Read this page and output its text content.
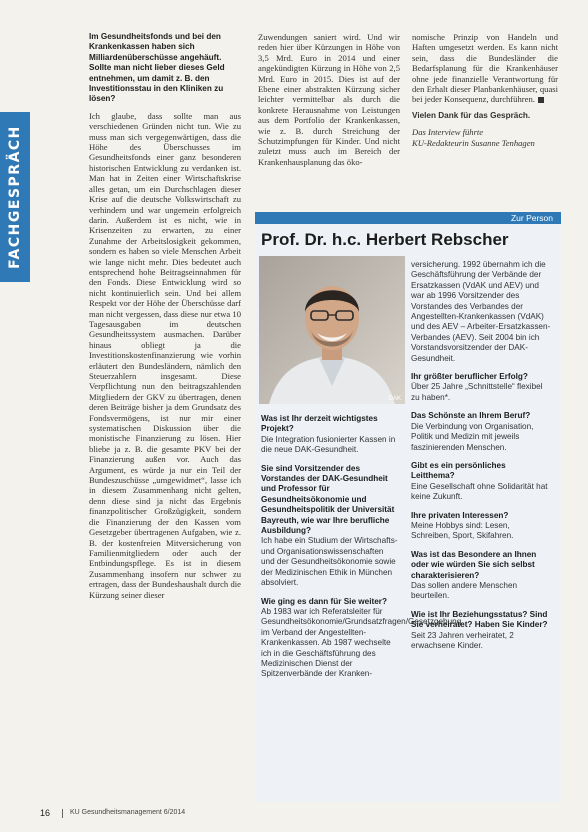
FACHGESPRÄCH

Im Gesundheitsfonds und bei den Krankenkassen haben sich Milliardenüberschüsse angehäuft. Sollte man nicht lieber dieses Geld entnehmen, um damit z. B. den Investitionsstau in den Kliniken zu lösen?

Ich glaube, dass sollte man aus verschiedenen Gründen nicht tun. Wie zu muss man sich vergegenwärtigen, dass die Höhe des Überschusses im Gesundheitsfonds einer ganz besonderen historischen Entwicklung zu verdanken ist. Man hat in Zeiten einer Wirtschaftskrise alles getan, um ein Durchschlagen dieser Krise auf die deutsche Volkswirtschaft zu verhindern und war ungemein erfolgreich darin. Außerdem ist es nicht, wie in Krisenzeiten zu erwarten, zu einer Zunahme der Arbeitslosigkeit gekommen, sondern es haben so viele Menschen Arbeit wie lange nicht mehr. Dies bedeutet auch entsprechend hohe Beitragseinnahmen für den Fonds. Diese Entwicklung wird so nicht kontinuierlich sein. Und bei allem Respekt vor der Höhe der Überschüsse darf man nicht vergessen, dass diese nur etwa 10 Tagesausgaben im deutschen Gesundheitssystem ausmachen. Darüber hinaus obliegt ja die Investitionskostenfinanzierung wie vorhin erläutert den Bundesländern, nämlich den Steuerzahlern insgesamt. Diese Verpflichtung nun den beitragszahlenden Mitgliedern der GKV zu übertragen, denen deren Beiträge bisher ja dem Grundsatz des Fondsvermögens, ist nur mir einer systematischen Diskussion über die monistische Finanzierung zu lösen. Hier bliebe ja z. B. die gesamte PKV bei der Finanzierung außen vor. Auch das Argument, es würde ja nur ein Teil der Bundeszuschüsse „umgewidmet“, lasse ich in diesem Zusammenhang nicht gelten, denn diese sind ja nicht das Ergebnis finanzpolitischer Großzügigkeit, sondern die Finanzierung der den Kassen vom Gesetzgeber übertragenen Aufgaben, wie z. B. der kostenfreien Mitversicherung von Familienmitgliedern oder auch der Entbindungspflege. Es ist in diesem Zusammenhang insofern nur schwer zu ertragen, dass der Bundeshaushalt durch die Kürzung seiner dieser

Zuwendungen saniert wird. Und wir reden hier über Kürzungen in Höhe von 3,5 Mrd. Euro in 2014 und einer angekündigten Kürzung in Höhe von 2,5 Mrd. Euro in 2015. Dies ist auf der Ebene einer abstrakten Kürzung sicher leichter vermittelbar als durch die konkrete Herausnahme von Leistungen aus dem Portfolio der Krankenkassen, wie z. B. durch Streichung der Schutzimpfungen für Kinder. Und nicht zuletzt muss auch im Bereich der Krankenhausplanung das öko-

nomische Prinzip von Handeln und Haften umgesetzt werden. Es kann nicht sein, dass die Bundesländer die Bedarfsplanung für die Krankenhäuser ohne jede finanzielle Verantwortung für den Erhalt dieser Planbankenhäuser, quasi bei jeder Konsequenz, durchführen.

Vielen Dank für das Gespräch.

Das Interview führte

KU-Redakteurin Susanne Tenhagen

Zur Person
Prof. Dr. h.c. Herbert Rebscher
DAK

versicherung. 1992 übernahm ich die Geschäftsführung der Verbände der Ersatzkassen (VdAK und AEV) und war ab 1996 Vorsitzender des Vorstandes des Verbandes der Angestellten-Krankenkassen (VdAK) und des AEV – Arbeiter-Ersatzkassen-Verbandes (AEV). Seit 2004 bin ich Vorstandsvorsitzender der DAK-Gesundheit.

Ihr größter beruflicher Erfolg?

Über 25 Jahre „Schnittstelle“ flexibel zu haben*.

Das Schönste an Ihrem Beruf?

Die Verbindung von Organisation, Politik und Medizin mit jeweils faszinierenden Menschen.

Gibt es ein persönliches Leitthema?

Eine Gesellschaft ohne Solidarität hat keine Zukunft.

Ihre privaten Interessen?

Meine Hobbys sind: Lesen, Schreiben, Sport, Skifahren.

Was ist das Besondere an Ihnen oder wie würden Sie sich selbst charakterisieren?

Das sollen andere Menschen beurteilen.

Wie ist Ihr Beziehungsstatus? Sind Sie verheiratet? Haben Sie Kinder?

Seit 23 Jahren verheiratet, 2 erwachsene Kinder.

Was ist Ihr derzeit wichtigstes Projekt?

Die Integration fusionierter Kassen in die neue DAK-Gesundheit.

Sie sind Vorsitzender des Vorstandes der DAK-Gesundheit und Professor für Gesundheitsökonomie und Gesundheitspolitik der Universität Bayreuth, wie war Ihre berufliche Ausbildung?

Ich habe ein Studium der Wirtschafts- und Organisationswissenschaften und der Gesundheitsökonomie sowie der Medizinischen Ethik in München absolviert.

Wie ging es dann für Sie weiter?

Ab 1983 war ich Referatsleiter für Gesundheitsökonomie/Grundsatzfragen/Gesetzgebung im Verband der Angestellten-Krankenkassen. Ab 1987 wechselte ich in die Geschäftsführung des Medizinischen Dienst der Spitzenverbände der Kranken-

16	KU Gesundheitsmanagement 6/2014
